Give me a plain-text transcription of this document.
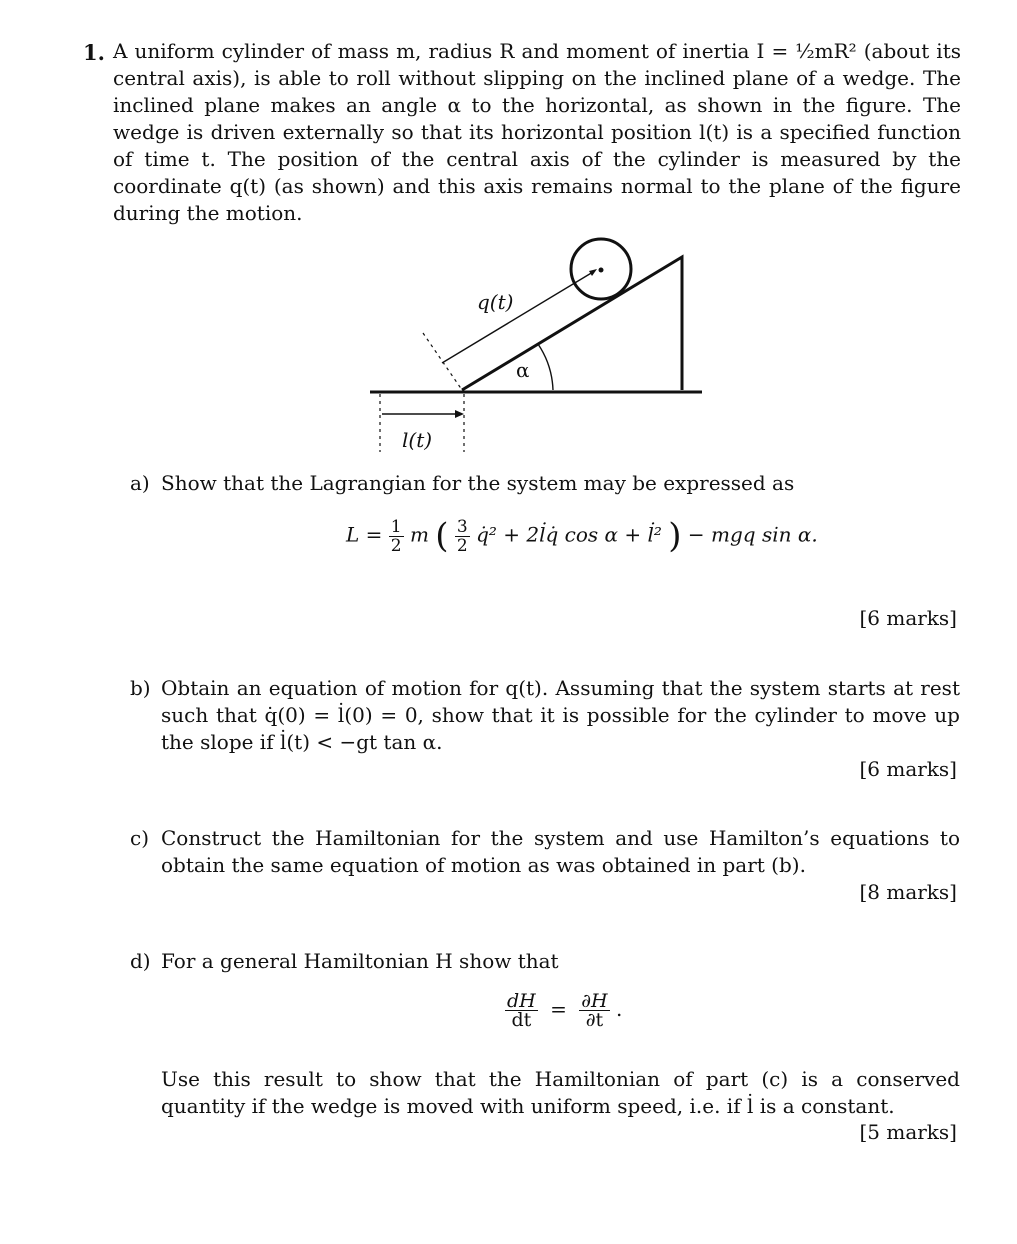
1. A uniform cylinder of mass m, radius R and moment of inertia I = ½mR² (about its central axis), is able to roll without slipping on the inclined plane of a wedge. The inclined plane makes an angle α to the horizontal, as shown in the figure. The wedge is driven externally so that its horizontal position l(t) is a specified function of time t. The position of the central axis of the cylinder is measured by the coordinate q(t) (as shown) and this axis remains normal to the plane of the figure during the motion.
q(t)
α
l(t)
a) Show that the Lagrangian for the system may be expressed as
$L = \frac{1}{2}$ m ( $\frac{3}{2}$ q̇² + 2l̇q̇ cos α + l̇² ) − mgq sin α.
[6 marks]
b) Obtain an equation of motion for q(t). Assuming that the system starts at rest such that q̇(0) = l̇(0) = 0, show that it is possible for the cylinder to move up the slope if l̇(t) < −gt tan α.
[6 marks]
c) Construct the Hamiltonian for the system and use Hamilton’s equations to obtain the same equation of motion as was obtained in part (b).
[8 marks]
d) For a general Hamiltonian H show that
$\frac{dH}{dt} = \frac{\partial H}{\partial t}$ .
Use this result to show that the Hamiltonian of part (c) is a conserved quantity if the wedge is moved with uniform speed, i.e. if l̇ is a constant.
[5 marks]
